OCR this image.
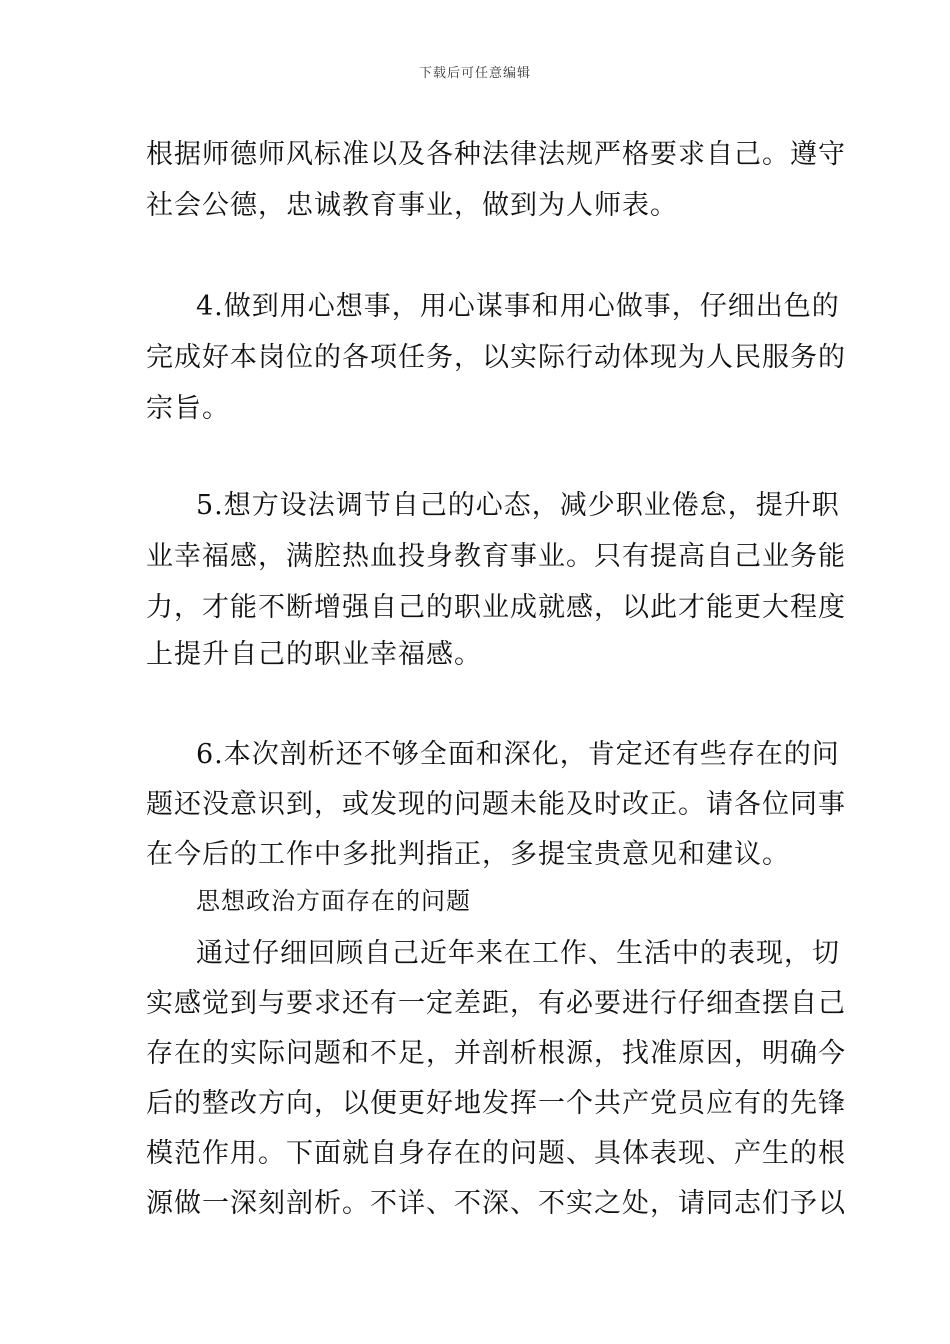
下载后可任意编辑
根据师德师风标准以及各种法律法规严格要求自己。遵守
社会公德，忠诚教育事业，做到为人师表。
4.做到用心想事，用心谋事和用心做事，仔细出色的
完成好本岗位的各项任务，以实际行动体现为人民服务的
宗旨。
5.想方设法调节自己的心态，减少职业倦怠，提升职
业幸福感，满腔热血投身教育事业。只有提高自己业务能
力，才能不断增强自己的职业成就感，以此才能更大程度
上提升自己的职业幸福感。
6.本次剖析还不够全面和深化，肯定还有些存在的问
题还没意识到，或发现的问题未能及时改正。请各位同事
在今后的工作中多批判指正，多提宝贵意见和建议。
思想政治方面存在的问题
通过仔细回顾自己近年来在工作、生活中的表现，切
实感觉到与要求还有一定差距，有必要进行仔细查摆自己
存在的实际问题和不足，并剖析根源，找准原因，明确今
后的整改方向，以便更好地发挥一个共产党员应有的先锋
模范作用。下面就自身存在的问题、具体表现、产生的根
源做一深刻剖析。不详、不深、不实之处，请同志们予以
